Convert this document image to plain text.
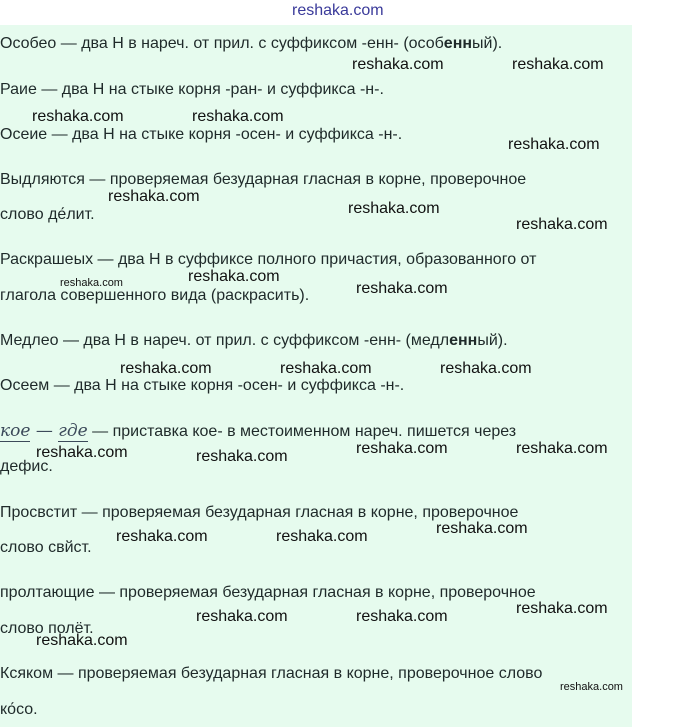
reshaka.com
Особео — два Н в нареч. от прил. с суффиксом -енн- (особенный).
Раие — два Н на стыке корня -ран- и суффикса -н-.
Осеие — два Н на стыке корня -осен- и суффикса -н-.
Выдляются — проверяемая безударная гласная в корне, проверочное
слово де́лит.
Раскрашеых — два Н в суффиксе полного причастия, образованного от
глагола совершенного вида (раскрасить).
Медлео — два Н в нареч. от прил. с суффиксом -енн- (медленный).
Осеем — два Н на стыке корня -осен- и суффикса -н-.
кое — где — приставка кое- в местоименном нареч. пишется через
дефис.
Просвстит — проверяемая безударная гласная в корне, проверочное
слово свйст.
пролтающие — проверяемая безударная гласная в корне, проверочное
слово полёт.
Ксяком — проверяемая безударная гласная в корне, проверочное слово
ко́со.
reshaka.com	reshaka.com
reshaka.com	reshaka.com
reshaka.com
reshaka.com
reshaka.com
reshaka.com
reshaka.com	reshaka.com
reshaka.com
reshaka.com	reshaka.com	reshaka.com
reshaka.com	reshaka.com
reshaka.com	reshaka.com
reshaka.com
reshaka.com	reshaka.com
reshaka.com
reshaka.com	reshaka.com
reshaka.com
reshaka.com
